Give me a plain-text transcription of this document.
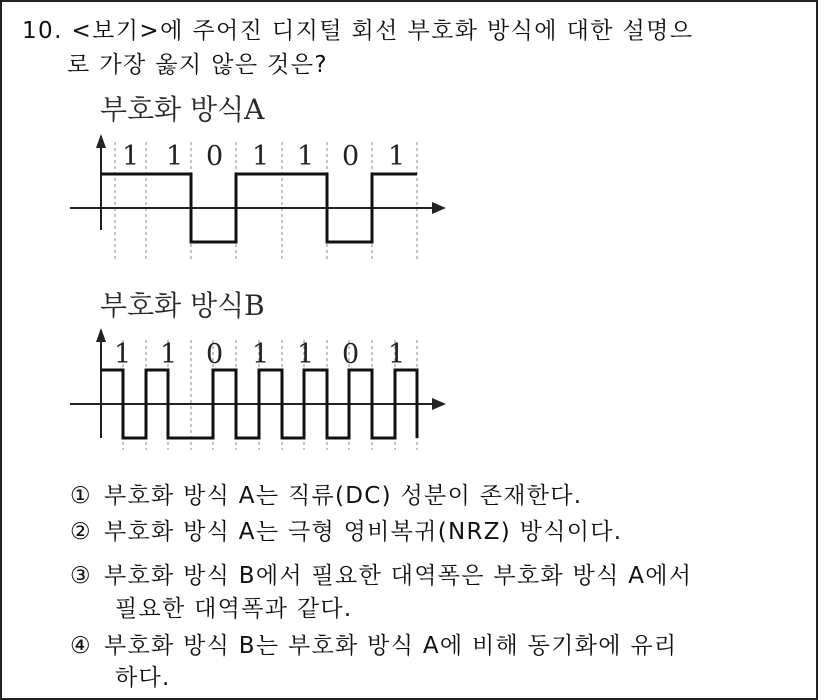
10. <보기>에 주어진 디지털 회선 부호화 방식에 대한 설명으
로 가장 옳지 않은 것은?
부호화 방식A
1 1 0 1 1 0 1
부호화 방식B
1 1 0 1 1 0 1
① 부호화 방식 A는 직류(DC) 성분이 존재한다.
② 부호화 방식 A는 극형 영비복귀(NRZ) 방식이다.
③ 부호화 방식 B에서 필요한 대역폭은 부호화 방식 A에서
필요한 대역폭과 같다.
④ 부호화 방식 B는 부호화 방식 A에 비해 동기화에 유리
하다.
